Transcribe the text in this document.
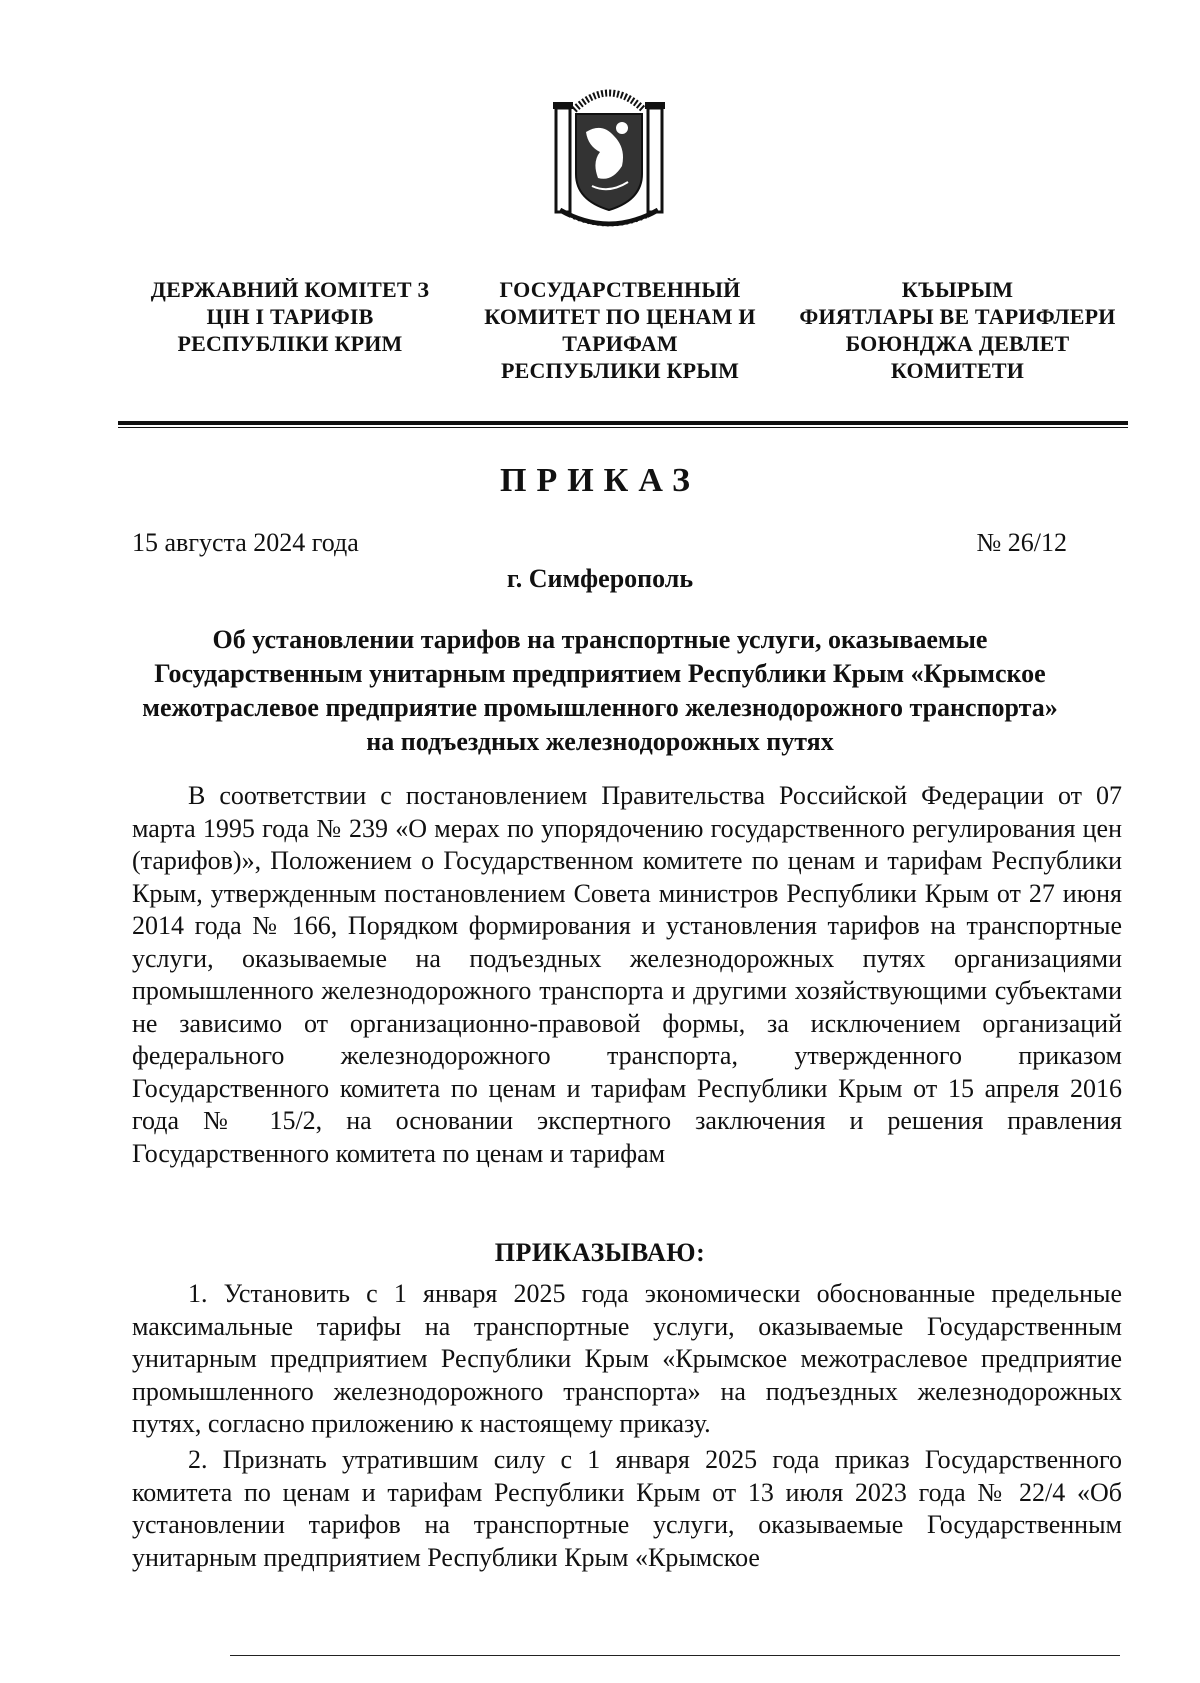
ДЕРЖАВНИЙ КОМІТЕТ З
ЦІН І ТАРИФІВ
РЕСПУБЛІКИ КРИМ
ГОСУДАРСТВЕННЫЙ
КОМИТЕТ ПО ЦЕНАМ И
ТАРИФАМ
РЕСПУБЛИКИ КРЫМ
КЪЫРЫМ
ФИЯТЛАРЫ ВЕ ТАРИФЛЕРИ
БОЮНДЖА ДЕВЛЕТ
КОМИТЕТИ
ПРИКАЗ
15 августа 2024 года	№ 26/12
г. Симферополь
Об установлении тарифов на транспортные услуги, оказываемые Государственным унитарным предприятием Республики Крым «Крымское межотраслевое предприятие промышленного железнодорожного транспорта» на подъездных железнодорожных путях
В соответствии с постановлением Правительства Российской Федерации от 07 марта 1995 года № 239 «О мерах по упорядочению государственного регулирования цен (тарифов)», Положением о Государственном комитете по ценам и тарифам Республики Крым, утвержденным постановлением Совета министров Республики Крым от 27 июня 2014 года № 166, Порядком формирования и установления тарифов на транспортные услуги, оказываемые на подъездных железнодорожных путях организациями промышленного железнодорожного транспорта и другими хозяйствующими субъектами не зависимо от организационно-правовой формы, за исключением организаций федерального железнодорожного транспорта, утвержденного приказом Государственного комитета по ценам и тарифам Республики Крым от 15 апреля 2016 года № 15/2, на основании экспертного заключения и решения правления Государственного комитета по ценам и тарифам
ПРИКАЗЫВАЮ:
1. Установить с 1 января 2025 года экономически обоснованные предельные максимальные тарифы на транспортные услуги, оказываемые Государственным унитарным предприятием Республики Крым «Крымское межотраслевое предприятие промышленного железнодорожного транспорта» на подъездных железнодорожных путях, согласно приложению к настоящему приказу.
2. Признать утратившим силу с 1 января 2025 года приказ Государственного комитета по ценам и тарифам Республики Крым от 13 июля 2023 года № 22/4 «Об установлении тарифов на транспортные услуги, оказываемые Государственным унитарным предприятием Республики Крым «Крымское
